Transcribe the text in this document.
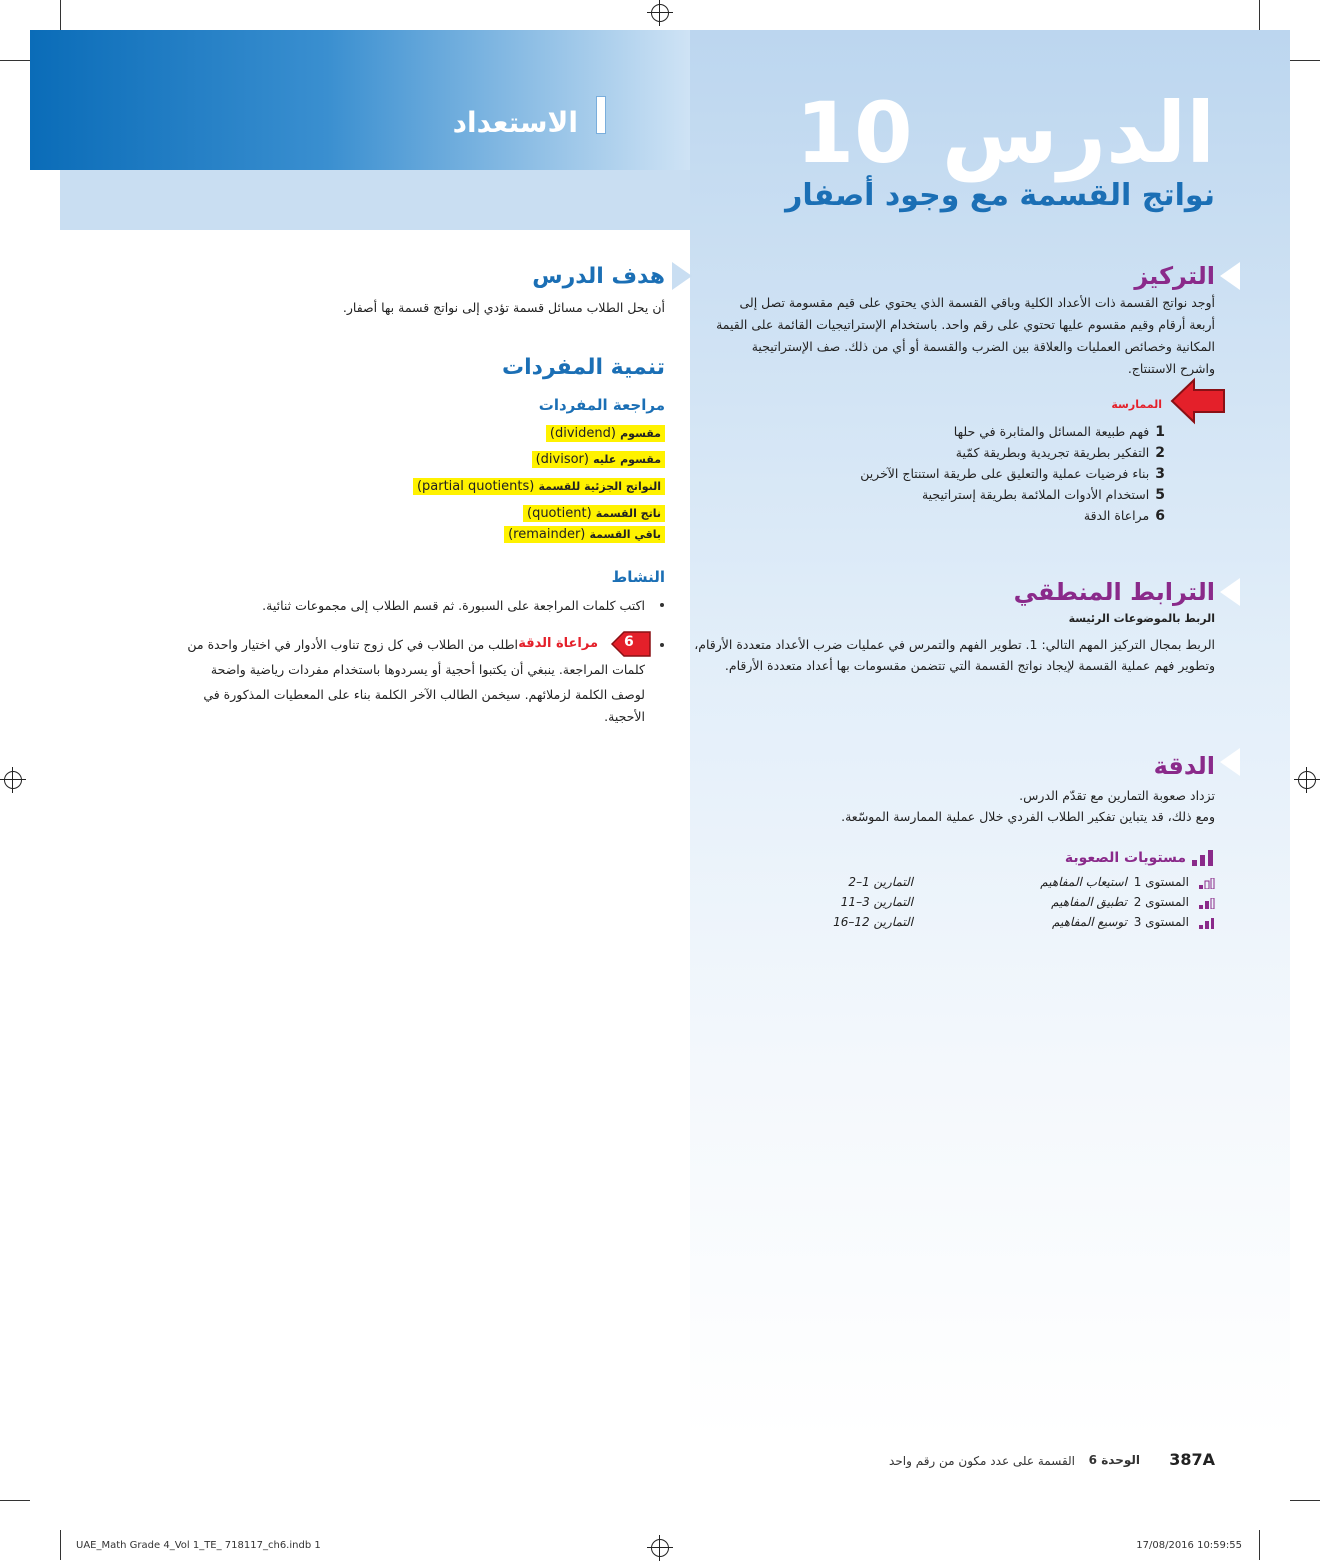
الدرس 10
نواتج القسمة مع وجود أصفار
الاستعداد
التركيز
أوجد نواتج القسمة ذات الأعداد الكلية وباقي القسمة الذي يحتوي على قيم مقسومة تصل إلى أربعة أرقام وقيم مقسوم عليها تحتوي على رقم واحد. باستخدام الإستراتيجيات القائمة على القيمة المكانية وخصائص العمليات والعلاقة بين الضرب والقسمة أو أي من ذلك. صف الإستراتيجية واشرح الاستنتاج.
الممارسة
1فهم طبيعة المسائل والمثابرة في حلها
2التفكير بطريقة تجريدية وبطريقة كمّية
3بناء فرضيات عملية والتعليق على طريقة استنتاج الآخرين
5استخدام الأدوات الملائمة بطريقة إستراتيجية
6مراعاة الدقة
الترابط المنطقي
الربط بالموضوعات الرئيسة
الربط بمجال التركيز المهم التالي: 1. تطوير الفهم والتمرس في عمليات ضرب الأعداد متعددة الأرقام،
وتطوير فهم عملية القسمة لإيجاد نواتج القسمة التي تتضمن مقسومات بها أعداد متعددة الأرقام.
الدقة
تزداد صعوبة التمارين مع تقدّم الدرس.
ومع ذلك، قد يتباين تفكير الطلاب الفردي خلال عملية الممارسة الموسّعة.
مستويات الصعوبة
المستوى 1
استيعاب المفاهيم
التمارين 1–2
المستوى 2
تطبيق المفاهيم
التمارين 3–11
المستوى 3
توسيع المفاهيم
التمارين 12–16
هدف الدرس
أن يحل الطلاب مسائل قسمة تؤدي إلى نواتج قسمة بها أصفار.
تنمية المفردات
مراجعة المفردات
مقسوم (dividend)
مقسوم عليه (divisor)
النواتج الجزئية للقسمة (partial quotients)
ناتج القسمة (quotient)
باقي القسمة (remainder)
النشاط
اكتب كلمات المراجعة على السبورة. ثم قسم الطلاب إلى مجموعات ثنائية.
6
مراعاة الدقة
اطلب من الطلاب في كل زوج تناوب الأدوار في اختيار واحدة من
كلمات المراجعة. ينبغي أن يكتبوا أحجية أو يسردوها باستخدام مفردات رياضية واضحة
لوصف الكلمة لزملائهم. سيخمن الطالب الآخر الكلمة بناء على المعطيات المذكورة في
الأحجية.
387A
الوحدة 6
القسمة على عدد مكون من رقم واحد
UAE_Math Grade 4_Vol 1_TE_ 718117_ch6.indb 1	17/08/2016 10:59:55
